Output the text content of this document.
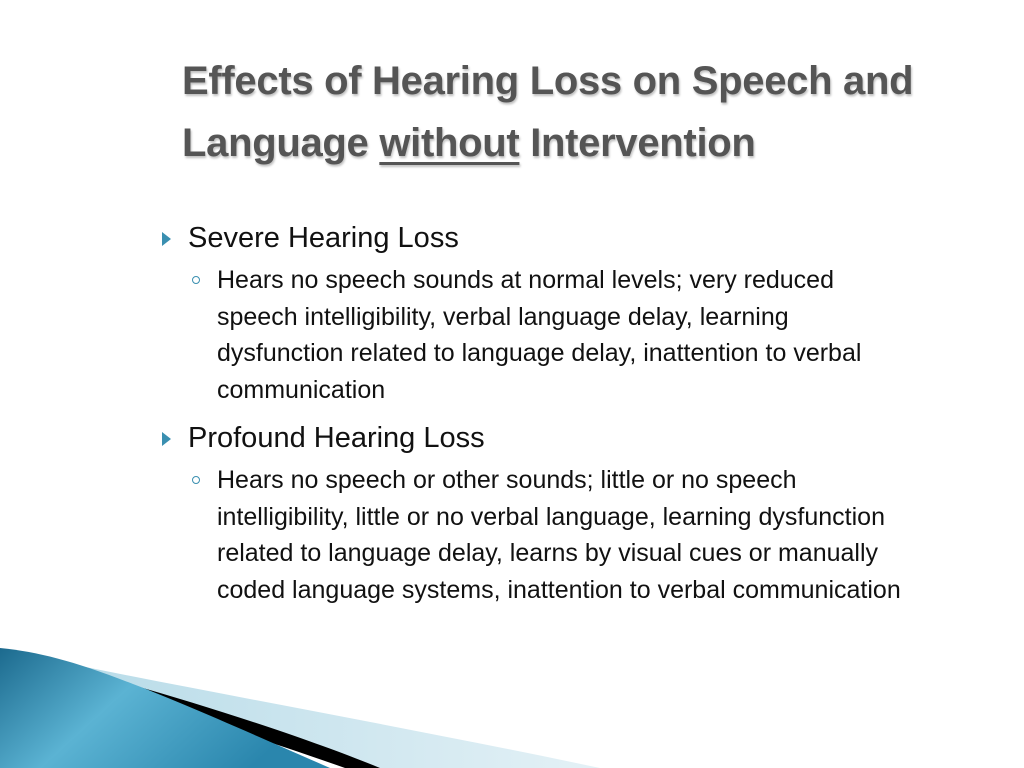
Effects of Hearing Loss on Speech and Language without Intervention
Severe Hearing Loss
Hears no speech sounds at normal levels; very reduced speech intelligibility, verbal language delay, learning dysfunction related to language delay, inattention to verbal communication
Profound Hearing Loss
Hears no speech or other sounds; little or no speech intelligibility, little or no verbal language, learning dysfunction related to language delay, learns by visual cues or manually coded language systems, inattention to verbal communication
